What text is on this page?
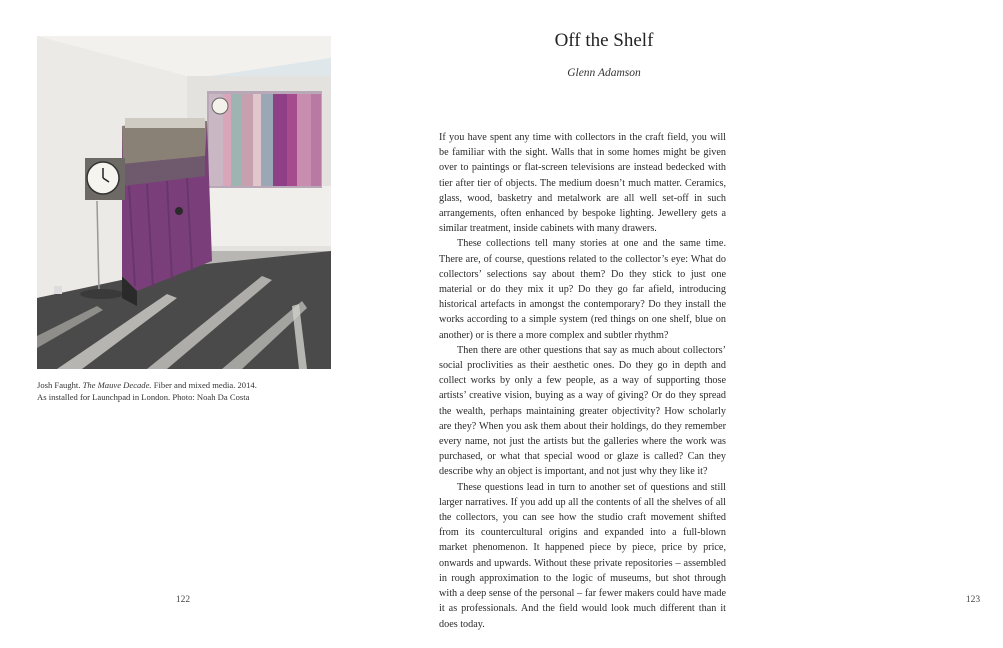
Josh Faught. The Mauve Decade. Fiber and mixed media. 2014.
As installed for Launchpad in London. Photo: Noah Da Costa
122
Off the Shelf
Glenn Adamson

If you have spent any time with collectors in the craft field, you will be familiar with the sight. Walls that in some homes might be given over to paintings or flat-screen televisions are instead bedecked with tier after tier of objects. The medium doesn’t much matter. Ceramics, glass, wood, basketry and metalwork are all well set-off in such arrangements, often enhanced by bespoke lighting. Jewellery gets a similar treatment, inside cabinets with many drawers.

These collections tell many stories at one and the same time. There are, of course, questions related to the collector’s eye: What do collectors’ selections say about them? Do they stick to just one material or do they mix it up? Do they go far afield, introducing historical artefacts in amongst the contemporary? Do they install the works according to a simple system (red things on one shelf, blue on another) or is there a more complex and subtler rhythm?

Then there are other questions that say as much about collectors’ social proclivities as their aesthetic ones. Do they go in depth and collect works by only a few people, as a way of supporting those artists’ creative vision, buying as a way of giving? Or do they spread the wealth, perhaps maintaining greater objectivity? How scholarly are they? When you ask them about their holdings, do they remember every name, not just the artists but the galleries where the work was purchased, or what that special wood or glaze is called? Can they describe why an object is important, and not just why they like it?

These questions lead in turn to another set of questions and still larger narratives. If you add up all the contents of all the shelves of all the collectors, you can see how the studio craft movement shifted from its countercultural origins and expanded into a full-blown market phenomenon. It happened piece by piece, price by price, onwards and upwards. Without these private repositories – assembled in rough approximation to the logic of museums, but shot through with a deep sense of the personal – far fewer makers could have made it as professionals. And the field would look much different than it does today.

123
